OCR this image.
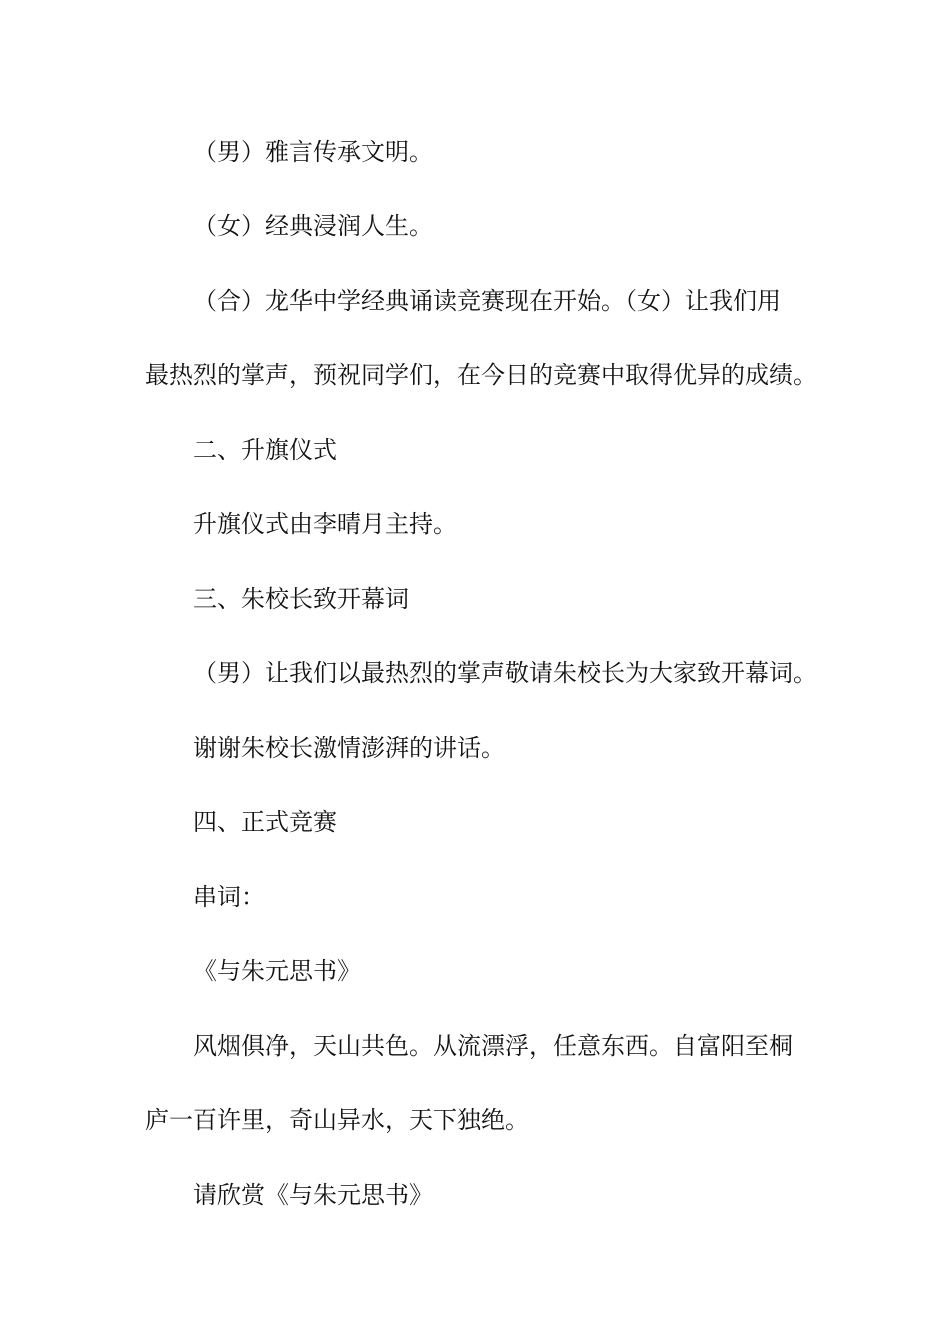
（男）雅言传承文明。

（女）经典浸润人生。

（合）龙华中学经典诵读竞赛现在开始。（女）让我们用

最热烈的掌声，预祝同学们，在今日的竞赛中取得优异的成绩。

二、升旗仪式

升旗仪式由李晴月主持。

三、朱校长致开幕词

（男）让我们以最热烈的掌声敬请朱校长为大家致开幕词。

谢谢朱校长激情澎湃的讲话。

四、正式竞赛

串词：

《与朱元思书》

风烟俱净，天山共色。从流漂浮，任意东西。自富阳至桐

庐一百许里，奇山异水，天下独绝。

请欣赏《与朱元思书》
